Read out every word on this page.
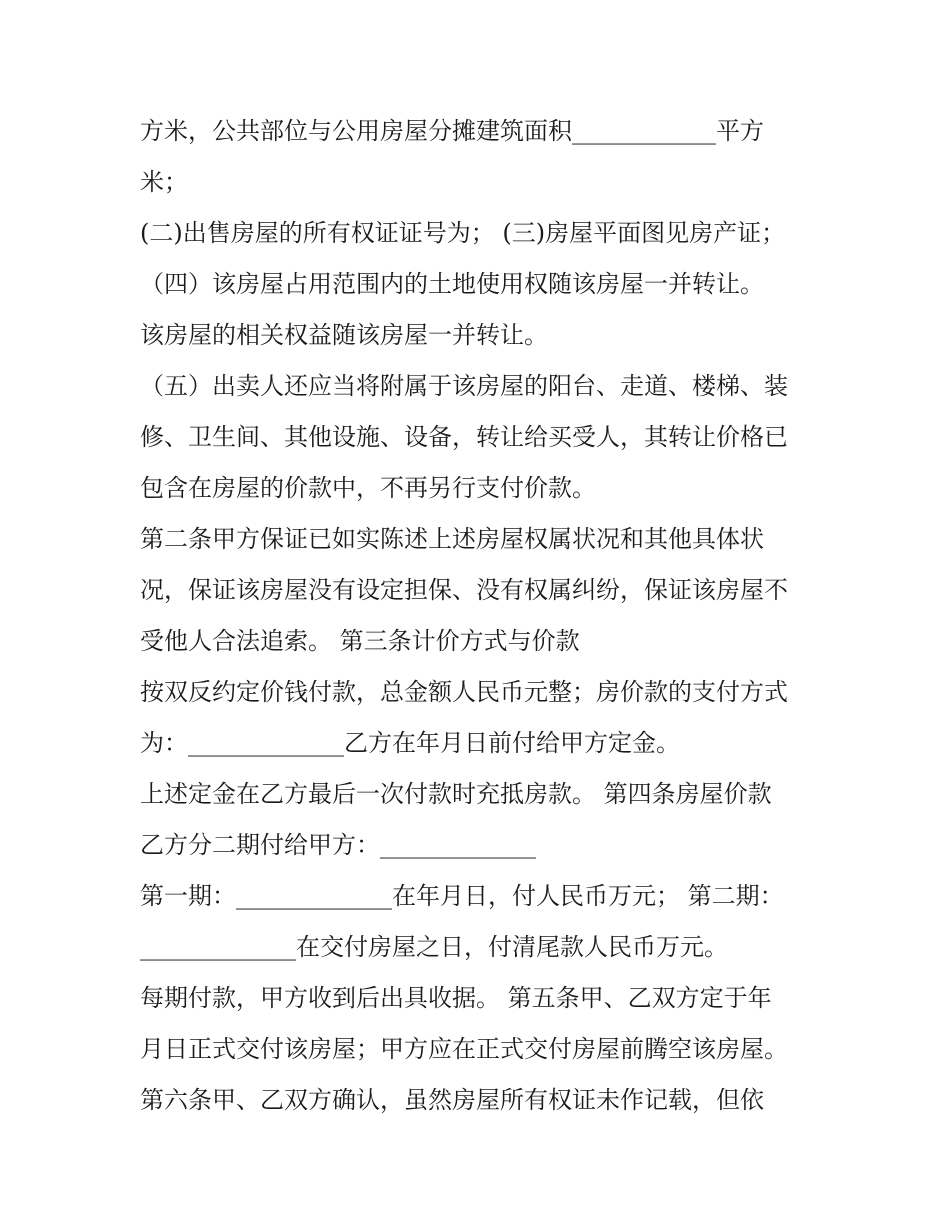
方米，公共部位与公用房屋分摊建筑面积____________平方
米；
(二)出售房屋的所有权证证号为； (三)房屋平面图见房产证；
（四）该房屋占用范围内的土地使用权随该房屋一并转让。
该房屋的相关权益随该房屋一并转让。
（五）出卖人还应当将附属于该房屋的阳台、走道、楼梯、装
修、卫生间、其他设施、设备，转让给买受人，其转让价格已
包含在房屋的价款中，不再另行支付价款。
第二条甲方保证已如实陈述上述房屋权属状况和其他具体状
况，保证该房屋没有设定担保、没有权属纠纷，保证该房屋不
受他人合法追索。 第三条计价方式与价款
按双反约定价钱付款，总金额人民币元整；房价款的支付方式
为：_____________乙方在年月日前付给甲方定金。
上述定金在乙方最后一次付款时充抵房款。 第四条房屋价款
乙方分二期付给甲方：_____________
第一期：_____________在年月日，付人民币万元； 第二期：
_____________在交付房屋之日，付清尾款人民币万元。
每期付款，甲方收到后出具收据。 第五条甲、乙双方定于年
月日正式交付该房屋；甲方应在正式交付房屋前腾空该房屋。
第六条甲、乙双方确认，虽然房屋所有权证未作记载，但依
